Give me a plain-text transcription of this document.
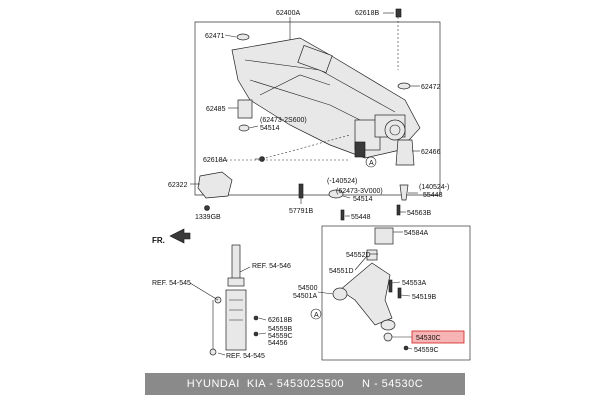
A
A
62400A	62618B
62471
62472
62485
(62473-2S600)
54514
62466
62618A
62322
1339GB
57791B
(-140524)
(62473-3V000)
54514
55448
(140524-)
55448
54563B
54584A
FR.
REF. 54-546
REF. 54-545
54552D
54551D
54553A
54500
54501A	54519B
62618B
54559B
54559C
54456
54530C
54559C
REF. 54-545
HYUNDAI  KIA - 545302S500     N - 54530C
